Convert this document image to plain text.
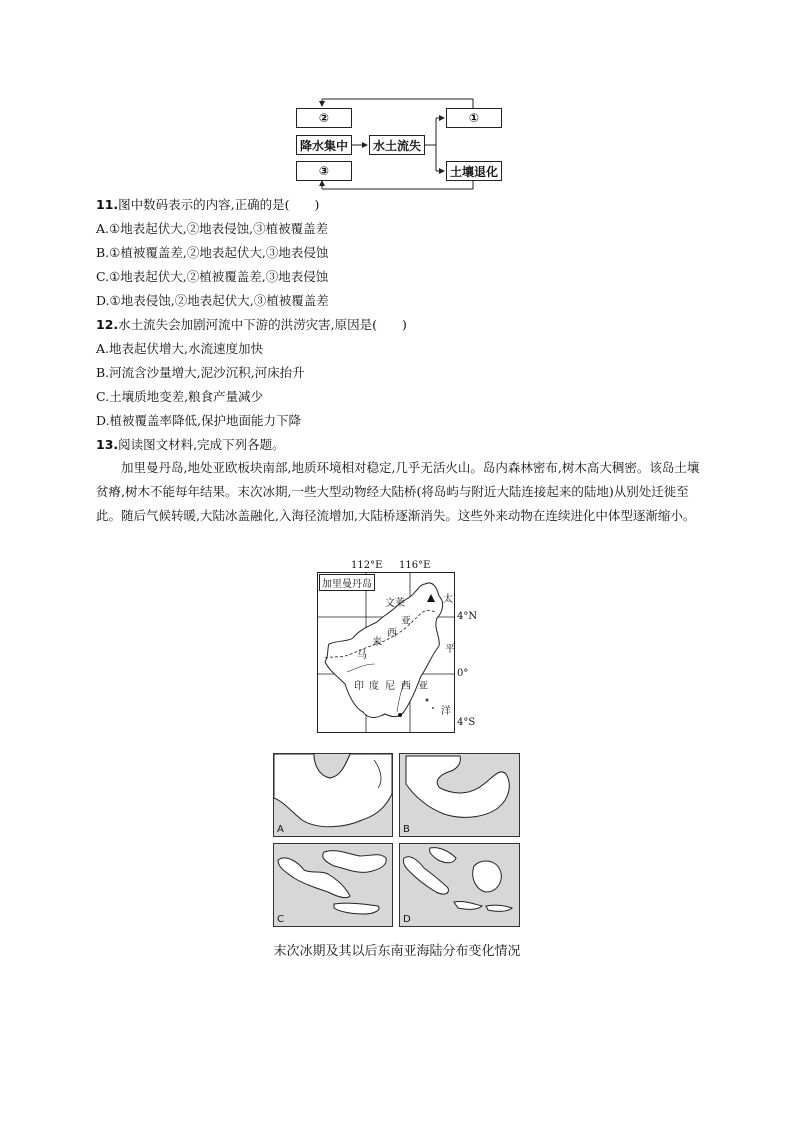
②
降水集中
③
水土流失
①
土壤退化
11.图中数码表示的内容,正确的是(　　)
A.①地表起伏大,②地表侵蚀,③植被覆盖差
B.①植被覆盖差,②地表起伏大,③地表侵蚀
C.①地表起伏大,②植被覆盖差,③地表侵蚀
D.①地表侵蚀,②地表起伏大,③植被覆盖差
12.水土流失会加剧河流中下游的洪涝灾害,原因是(　　)
A.地表起伏增大,水流速度加快
B.河流含沙量增大,泥沙沉积,河床抬升
C.土壤质地变差,粮食产量减少
D.植被覆盖率降低,保护地面能力下降
13.阅读图文材料,完成下列各题。
加里曼丹岛,地处亚欧板块南部,地质环境相对稳定,几乎无活火山。岛内森林密布,树木高大稠密。该岛土壤贫瘠,树木不能每年结果。末次冰期,一些大型动物经大陆桥(将岛屿与附近大陆连接起来的陆地)从别处迁徙至此。随后气候转暖,大陆冰盖融化,入海径流增加,大陆桥逐渐消失。这些外来动物在连续进化中体型逐渐缩小。
112°E 116°E
4°N
0°
4°S
加里曼丹岛
文莱	太
平
洋
马
来
西
亚
印 度 尼 西 亚
A	B
C	D
末次冰期及其以后东南亚海陆分布变化情况
